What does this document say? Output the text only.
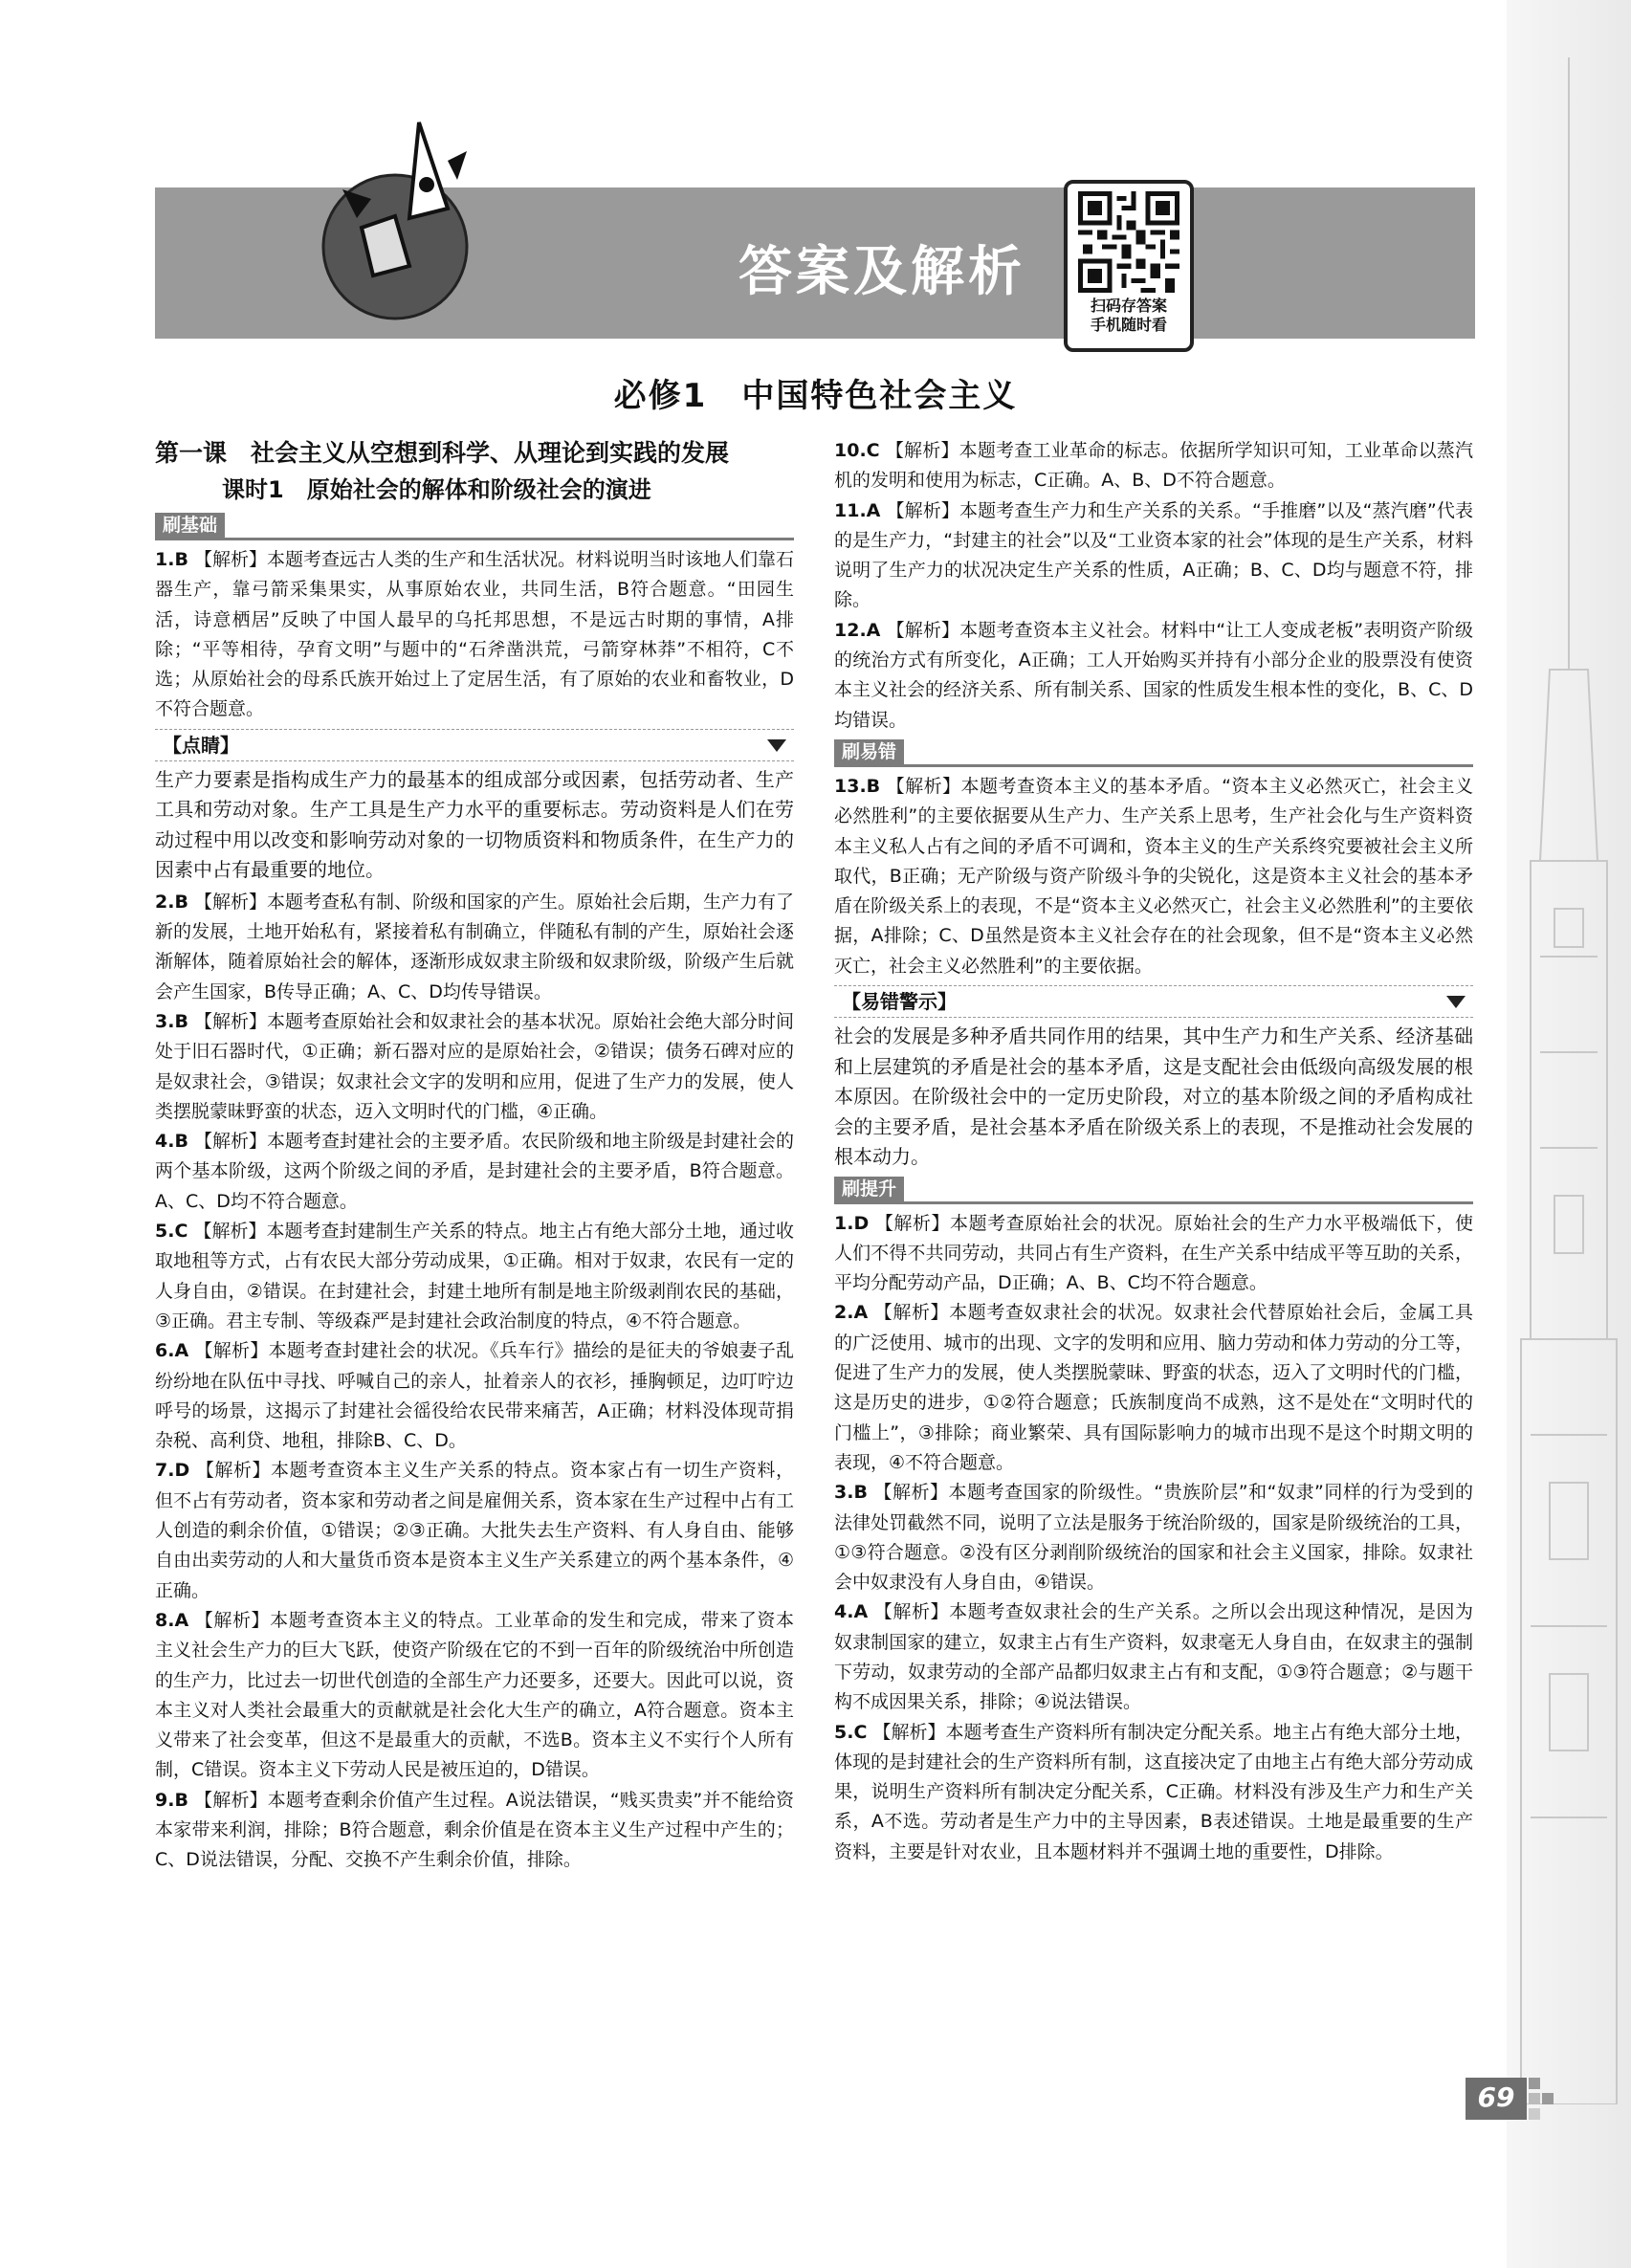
答案及解析
扫码存答案
手机随时看
必修1　中国特色社会主义
第一课　社会主义从空想到科学、从理论到实践的发展
课时1　原始社会的解体和阶级社会的演进
刷基础

1.B 【解析】本题考查远古人类的生产和生活状况。材料说明当时该地人们靠石器生产，靠弓箭采集果实，从事原始农业，共同生活，B符合题意。“田园生活，诗意栖居”反映了中国人最早的乌托邦思想，不是远古时期的事情，A排除；“平等相待，孕育文明”与题中的“石斧凿洪荒，弓箭穿林莽”不相符，C不选；从原始社会的母系氏族开始过上了定居生活，有了原始的农业和畜牧业，D不符合题意。

【点睛】

生产力要素是指构成生产力的最基本的组成部分或因素，包括劳动者、生产工具和劳动对象。生产工具是生产力水平的重要标志。劳动资料是人们在劳动过程中用以改变和影响劳动对象的一切物质资料和物质条件，在生产力的因素中占有最重要的地位。

2.B 【解析】本题考查私有制、阶级和国家的产生。原始社会后期，生产力有了新的发展，土地开始私有，紧接着私有制确立，伴随私有制的产生，原始社会逐渐解体，随着原始社会的解体，逐渐形成奴隶主阶级和奴隶阶级，阶级产生后就会产生国家，B传导正确；A、C、D均传导错误。

3.B 【解析】本题考查原始社会和奴隶社会的基本状况。原始社会绝大部分时间处于旧石器时代，①正确；新石器对应的是原始社会，②错误；债务石碑对应的是奴隶社会，③错误；奴隶社会文字的发明和应用，促进了生产力的发展，使人类摆脱蒙昧野蛮的状态，迈入文明时代的门槛，④正确。

4.B 【解析】本题考查封建社会的主要矛盾。农民阶级和地主阶级是封建社会的两个基本阶级，这两个阶级之间的矛盾，是封建社会的主要矛盾，B符合题意。A、C、D均不符合题意。

5.C 【解析】本题考查封建制生产关系的特点。地主占有绝大部分土地，通过收取地租等方式，占有农民大部分劳动成果，①正确。相对于奴隶，农民有一定的人身自由，②错误。在封建社会，封建土地所有制是地主阶级剥削农民的基础，③正确。君主专制、等级森严是封建社会政治制度的特点，④不符合题意。

6.A 【解析】本题考查封建社会的状况。《兵车行》描绘的是征夫的爷娘妻子乱纷纷地在队伍中寻找、呼喊自己的亲人，扯着亲人的衣衫，捶胸顿足，边叮咛边呼号的场景，这揭示了封建社会徭役给农民带来痛苦，A正确；材料没体现苛捐杂税、高利贷、地租，排除B、C、D。

7.D 【解析】本题考查资本主义生产关系的特点。资本家占有一切生产资料，但不占有劳动者，资本家和劳动者之间是雇佣关系，资本家在生产过程中占有工人创造的剩余价值，①错误；②③正确。大批失去生产资料、有人身自由、能够自由出卖劳动的人和大量货币资本是资本主义生产关系建立的两个基本条件，④正确。

8.A 【解析】本题考查资本主义的特点。工业革命的发生和完成，带来了资本主义社会生产力的巨大飞跃，使资产阶级在它的不到一百年的阶级统治中所创造的生产力，比过去一切世代创造的全部生产力还要多，还要大。因此可以说，资本主义对人类社会最重大的贡献就是社会化大生产的确立，A符合题意。资本主义带来了社会变革，但这不是最重大的贡献，不选B。资本主义不实行个人所有制，C错误。资本主义下劳动人民是被压迫的，D错误。

9.B 【解析】本题考查剩余价值产生过程。A说法错误，“贱买贵卖”并不能给资本家带来利润，排除；B符合题意，剩余价值是在资本主义生产过程中产生的；C、D说法错误，分配、交换不产生剩余价值，排除。

10.C 【解析】本题考查工业革命的标志。依据所学知识可知，工业革命以蒸汽机的发明和使用为标志，C正确。A、B、D不符合题意。

11.A 【解析】本题考查生产力和生产关系的关系。“手推磨”以及“蒸汽磨”代表的是生产力，“封建主的社会”以及“工业资本家的社会”体现的是生产关系，材料说明了生产力的状况决定生产关系的性质，A正确；B、C、D均与题意不符，排除。

12.A 【解析】本题考查资本主义社会。材料中“让工人变成老板”表明资产阶级的统治方式有所变化，A正确；工人开始购买并持有小部分企业的股票没有使资本主义社会的经济关系、所有制关系、国家的性质发生根本性的变化，B、C、D均错误。

刷易错

13.B 【解析】本题考查资本主义的基本矛盾。“资本主义必然灭亡，社会主义必然胜利”的主要依据要从生产力、生产关系上思考，生产社会化与生产资料资本主义私人占有之间的矛盾不可调和，资本主义的生产关系终究要被社会主义所取代，B正确；无产阶级与资产阶级斗争的尖锐化，这是资本主义社会的基本矛盾在阶级关系上的表现，不是“资本主义必然灭亡，社会主义必然胜利”的主要依据，A排除；C、D虽然是资本主义社会存在的社会现象，但不是“资本主义必然灭亡，社会主义必然胜利”的主要依据。

【易错警示】

社会的发展是多种矛盾共同作用的结果，其中生产力和生产关系、经济基础和上层建筑的矛盾是社会的基本矛盾，这是支配社会由低级向高级发展的根本原因。在阶级社会中的一定历史阶段，对立的基本阶级之间的矛盾构成社会的主要矛盾，是社会基本矛盾在阶级关系上的表现，不是推动社会发展的根本动力。

刷提升

1.D 【解析】本题考查原始社会的状况。原始社会的生产力水平极端低下，使人们不得不共同劳动，共同占有生产资料，在生产关系中结成平等互助的关系，平均分配劳动产品，D正确；A、B、C均不符合题意。

2.A 【解析】本题考查奴隶社会的状况。奴隶社会代替原始社会后，金属工具的广泛使用、城市的出现、文字的发明和应用、脑力劳动和体力劳动的分工等，促进了生产力的发展，使人类摆脱蒙昧、野蛮的状态，迈入了文明时代的门槛，这是历史的进步，①②符合题意；氏族制度尚不成熟，这不是处在“文明时代的门槛上”，③排除；商业繁荣、具有国际影响力的城市出现不是这个时期文明的表现，④不符合题意。

3.B 【解析】本题考查国家的阶级性。“贵族阶层”和“奴隶”同样的行为受到的法律处罚截然不同，说明了立法是服务于统治阶级的，国家是阶级统治的工具，①③符合题意。②没有区分剥削阶级统治的国家和社会主义国家，排除。奴隶社会中奴隶没有人身自由，④错误。

4.A 【解析】本题考查奴隶社会的生产关系。之所以会出现这种情况，是因为奴隶制国家的建立，奴隶主占有生产资料，奴隶毫无人身自由，在奴隶主的强制下劳动，奴隶劳动的全部产品都归奴隶主占有和支配，①③符合题意；②与题干构不成因果关系，排除；④说法错误。

5.C 【解析】本题考查生产资料所有制决定分配关系。地主占有绝大部分土地，体现的是封建社会的生产资料所有制，这直接决定了由地主占有绝大部分劳动成果，说明生产资料所有制决定分配关系，C正确。材料没有涉及生产力和生产关系，A不选。劳动者是生产力中的主导因素，B表述错误。土地是最重要的生产资料，主要是针对农业，且本题材料并不强调土地的重要性，D排除。

69
